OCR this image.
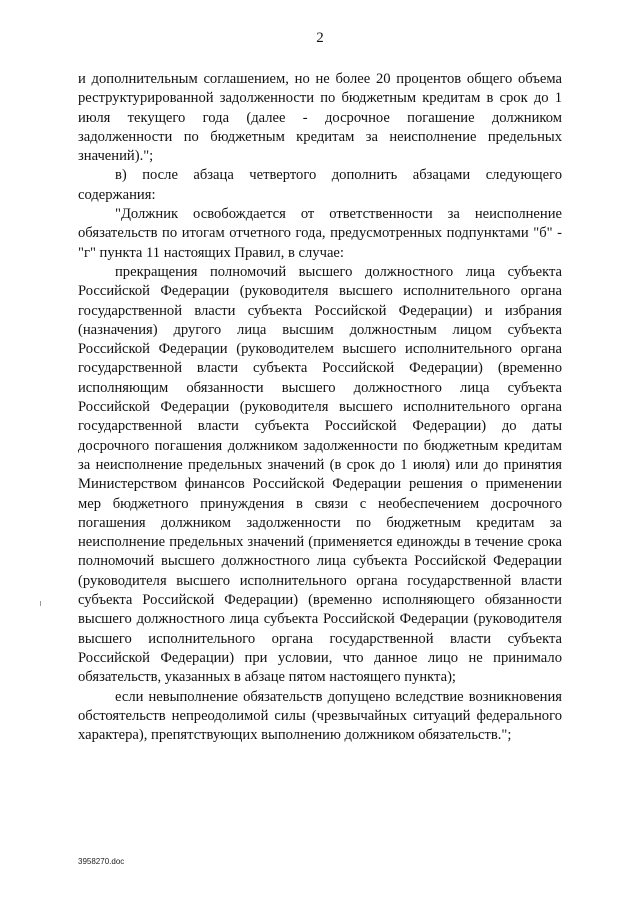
2

и дополнительным соглашением, но не более 20 процентов общего объема реструктурированной задолженности по бюджетным кредитам в срок до 1 июля текущего года (далее - досрочное погашение должником задолженности по бюджетным кредитам за неисполнение предельных значений).";

в) после абзаца четвертого дополнить абзацами следующего содержания:

"Должник освобождается от ответственности за неисполнение обязательств по итогам отчетного года, предусмотренных подпунктами "б" - "г" пункта 11 настоящих Правил, в случае:

прекращения полномочий высшего должностного лица субъекта Российской Федерации (руководителя высшего исполнительного органа государственной власти субъекта Российской Федерации) и избрания (назначения) другого лица высшим должностным лицом субъекта Российской Федерации (руководителем высшего исполнительного органа государственной власти субъекта Российской Федерации) (временно исполняющим обязанности высшего должностного лица субъекта Российской Федерации (руководителя высшего исполнительного органа государственной власти субъекта Российской Федерации) до даты досрочного погашения должником задолженности по бюджетным кредитам за неисполнение предельных значений (в срок до 1 июля) или до принятия Министерством финансов Российской Федерации решения о применении мер бюджетного принуждения в связи с необеспечением досрочного погашения должником задолженности по бюджетным кредитам за неисполнение предельных значений (применяется единожды в течение срока полномочий высшего должностного лица субъекта Российской Федерации (руководителя высшего исполнительного органа государственной власти субъекта Российской Федерации) (временно исполняющего обязанности высшего должностного лица субъекта Российской Федерации (руководителя высшего исполнительного органа государственной власти субъекта Российской Федерации) при условии, что данное лицо не принимало обязательств, указанных в абзаце пятом настоящего пункта);

если невыполнение обязательств допущено вследствие возникновения обстоятельств непреодолимой силы (чрезвычайных ситуаций федерального характера), препятствующих выполнению должником обязательств.";

3958270.doc
